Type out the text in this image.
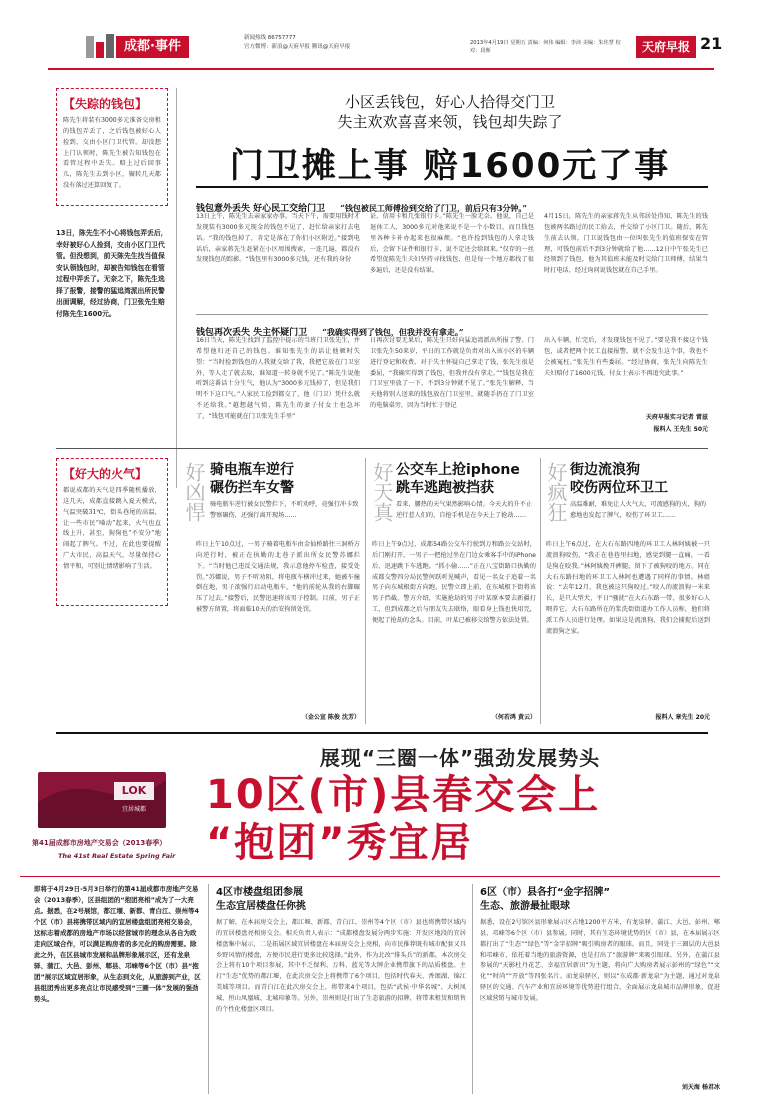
成都·事件
新闻热线 86757777
官方微博：新浪@天府早报 腾讯@天府早报
2013年4月19日 星期五 责编：何伟 编辑：李沛 美编：朱佳慧 校对：段斯	天府早报 21
【失踪的钱包】
陈先生将装有3000多元准备交房租的钱包弄丢了，之后钱包被好心人捡到，交由小区门卫代管。却没想上门认领时，陈先生被告知钱包在看管过程中丢失。赔上过后回事儿，陈先生去到小区，辗转几天都没有落过还算回复了。
13日，陈先生不小心将钱包弄丢后，幸好被好心人捡到，交由小区门卫代管。但没想到，前天陈先生找当值保安认领钱包时，却被告知钱包在看管过程中弄丢了。无奈之下，陈先生选择了报警，接警的猛追湾派出所民警出面调解，经过协商，门卫张先生赔付陈先生1600元。
小区丢钱包，好心人拾得交门卫
失主欢欢喜喜来领，钱包却失踪了
门卫摊上事 赔1600元了事
钱包意外丢失 好心民工交给门卫 “钱包被民工师傅捡到交给了门卫，前后只有3分钟。”
13日上午，陈先生去亲家家办事。当天下午，需要用钱时才发现装有3000多元现金的钱包不见了，赶忙给亲家打去电话。“我的钱包掉了，肯定是落在了你们小区附近。”接到电话后，亲家蒋先生赶紧在小区周围搜索，一连几遍，都没有发现钱包的踪影。“钱包里有3000多元钱，还有我的身份
证、信用卡和几张银行卡。”陈先生一脸无奈。他说，自己是退休工人，3000多元对他来说不是一个小数目，而且钱包里各种卡补办起来也很麻烦。“也许捡到钱包的人拿走钱后，会留下证件和银行卡，说不定还会给回来。”仅存的一丝希望促陈先生夫妇坚持寻找钱包，但是每一个地方都找了很多遍后，还是没有结果。
4月15日，陈先生的亲家蒋先生从邻居处得知，陈先生的钱包被两名路过的民工拾去，并交给了小区门卫。随后，陈先生前去认领，门卫说钱包由一位叫张先生的值班保安在管理，可钱包前后不到3分钟就给了他……12日中午张先生已经领到了钱包，他为其值班未能及时交给门卫师傅，结果当时打电话，经过询问说钱包就在自己手里。
钱包再次丢失 失主怀疑门卫 “我确实得到了钱包，但我并没有拿走。”
16日当天，陈先生找到了监控中提示的当班门卫张先生，并希望他归还自己的钱包。谁知张先生的话让他顿时失望：“当时捡到钱包的人我就交给了我，我把它放在门卫室外，等人走了就去取，谁知道一转身就不见了。”陈先生说他听到这番话十分生气，他认为“3000多元钱掉了，但是我们明不下这口气。”人家民工捡到都交了，他（门卫）凭什么就不还给我。”越想越气愤，陈先生的妻子付女士也急坏了，“钱包可能就在门卫张先生手里”
日再次讨要无果后，陈先生只好向猛追湾派出所报了警。门卫张先生50来岁，平日的工作就是负责对出入该小区的车辆进行登记和收费。对于失主怀疑自己拿走了钱，张先生很是委屈，“我确实得到了钱包，但我并没有拿走。”“钱包是我在门卫室里放了一下，不到3分钟就不见了。”张先生解释，当天他将别人送来的钱包放在门卫室里，就随手扔在了门卫室的电脑桌旁，因为当时忙于登记
出入车辆，忙完后，才发现钱包不见了。”要是我不接这个钱包，或者把两个民工直接报警，就不会发生这个事，我也不会被冤枉。”张先生有些委屈。“经过协商，张先生向陈先生夫妇赔付了1600元钱，付女士表示不再追究此事。”
天府早报实习记者 雷兹
报料人 王先生 50元
【好大的火气】
都说成都的天气是四季随机播放，这几天，成都直接跳入夏天模式，气温突破31℃，街头巷尾的高温，让一些市民“嗓动”起来，火气也直线上升，甚至，狗狗也“不安分”地闹起了脾气。不过，在此也要提醒广大市民，高温天气，尽量保持心情平和，可别让情绪影响了生活。
好凶悍 骑电瓶车逆行
碾伤拦车女警
骑电瓶车逆行被女民警拦下，不听劝呼，竟强行冲卡致警察碾伤，还强行离开现场……
昨日上午10点过，一男子骑着电瓶车由金仙桥路往三洞桥方向逆行时，被正在执勤的北巷子派出所女民警苏娜拦下。“当时他已违反交通法规，我示意他停车检查，接受处罚。”苏娜说，男子不听劝阻，将电瓶车横冲过来，她被车撞倒在地，男子欲强行启动电瓶车，“他的前轮从我的右脚碾压了过去。”接警后，民警迅速将该男子控制。目前，男子正被警方留置，将面临10天的治安拘留处罚。
（金公宣 陈俊 沈芳）
好天真 公交车上抢iphone
跳车逃跑被挡获
看来，腰热的天气果然影响心情。今天大的升不止逆行惹人们的，自抢手机是在今天上了抢劫……
昨日上午9点过，成都54路公交车行驶到万和路公交站时，后门刚打开，一男子一把抢过坐在门边女乘客手中的iPhone后，迅速跳下车逃跑。“抓小偷……”正在八宝街路口执勤的成都交警四分局民警何跃听见喊声，看见一名女子追着一名男子向东城根街方向跑。民警立即上前，在东城根下街将该男子挡截。警方介绍，实施抢劫的男子叶某原本要去新疆打工，但到成都之后与朋友失去联络，眼看身上钱也快用完，便起了抢劫的念头。目前，叶某已被移交给警方依法处置。
（何若鸿 黄云）
好疯狂 街边流浪狗
咬伤两位环卫工
高温难耐，难免让人火气大，可流感狗的火，狗的愈地也发起了脾气，咬伤了环卫工……
昨日上午6点过，在大石东路四地的环卫工人林阿姨被一只流浪狗咬伤，“我正在巷巷里扫地，感觉到腿一直痛，一看是狗在咬我。”林阿姨挽开裤腿，留下了被狗咬的地方。同在大石东路扫地的环卫工人林阿也遭遇了同样的事情。林姐说：“去年12月，我也被这只狗咬过。”咬人的流浪狗一米来长，是只大型犬，平日“骚扰”在大石东路一带，很多好心人喂养它。大石东路所在的浆洗街街道办工作人员称，他们将派工作人员进行处理。如果这是流浪狗，我们会捕捉后送到流浪狗之家。
报料人 章先生 20元
LOK
宜居城都
第41届成都市房地产交易会（2013春季）
The 41st Real Estate Spring Fair
展现“三圈一体”强劲发展势头
10区(市)县春交会上
“抱团”秀宜居
即将于4月29日-5月3日举行的第41届成都市房地产交易会（2013春季），区县组团的“抱团亮相”成为了一大亮点。据悉，在2号展馆，都江堰、新都、青白江、崇州等4个区（市）县将携带区域内的宜居楼盘组团亮相交易会，这标志着成都的房地产市场以经营城市的理念从各自为政走向区域合作，可以满足购房者的多元化的购房需要。除此之外，在区县城市发展和品牌形象展示区，还有龙泉驿、蒲江、大邑、彭州、郫县、邛崃等6个区（市）县“抱团”展示区域宜居形象，从生态到文化，从旅游到产业，区县组团秀出更多亮点让市民感受到“三圈一体”发展的强劲势头。
4区市楼盘组团参展
生态宜居楼盘任你挑
据了解，在本届房交会上，都江堰、新都、青白江、崇州等4个区（市）县也将携带区域内的宜居楼盘亮相房交会。相关负责人表示：“成都楼盘发展分两步实施：开发区地段的宜居楼盘集中展示，二是拓展区域宜居楼盘在本届房交会上亮相，向市民推荐既有城市配套又具乡野风情的楼盘，方便市民进行更多比较选择。”此外，作为北改“排头兵”的新都，本次房交会上将有10个项目参展，其中不乏保利、万科、蓝光等大牌企业携带旗下的品质楼盘。主打“生态”优势的都江堰，在此次房交会上将携带了6个项目，包括时代春天、香颂湖、锦江美域等项目。而青白江在此次房交会上，将带来4个项目，包括“武侯·中华名城”、大树凤城、恒山凤凰城、北城印象等。另外，崇州则是打出了生态旅游的招牌，将带来租赁和销售的个性化楼盘区项目。
6区（市）县各打“金字招牌”
生态、旅游最扯眼球
据悉，设在2号馆区县形象展示区占地1200平方米，有龙泉驿、蒲江、大邑、彭州、郫县、邛崃等6个区（市）县参展。同时，其有生态环境优势的区（市）县，在本届展示区都打出了“生态”“绿色”等“金字招牌”吸引购房者的眼球。而且，同处于三圈层的大邑县和邛崃市，依托着当地的旅游资源，也是打出了“旅游牌”来吸引眼球。另外，在蒲江县参展的“天影杜丹花艺、幸福宜居新田”为主题，将向广大购房者展示彭州的“绿色”“文化”“时尚”“开放”等四张名片。而龙泉驿区，则以“东成都·新龙泉”为主题，通过对龙泉驿区的交通、汽车产业和宜居环境等优势进行组合，全面展示龙泉城市品牌形象，促进区域营销与城市发展。
刘天海 杨君冰
